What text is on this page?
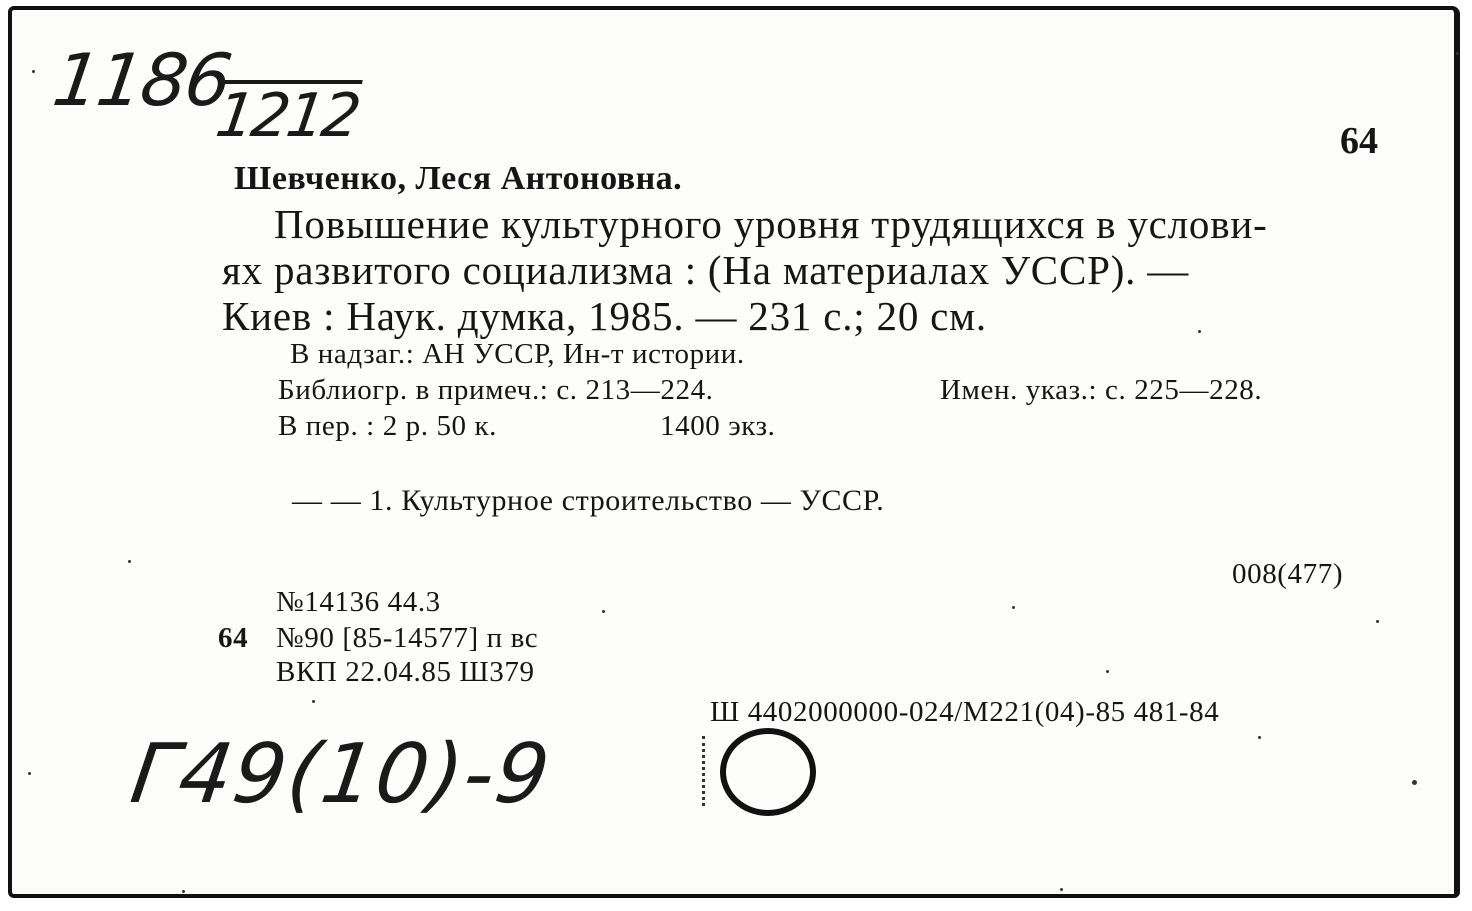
1186
1212	64
Шевченко, Леся Антоновна.
Повышение культурного уровня трудящихся в услови-
ях развитого социализма : (На материалах УССР). —
Киев : Наук. думка, 1985. — 231 с.; 20 см.
В надзаг.: АН УССР, Ин-т истории.
Библиогр. в примеч.: с. 213—224.	Имен. указ.: с. 225—228.
В пер. : 2 р. 50 к.	1400 экз.
— — 1. Культурное строительство — УССР.
008(477)
№14136 44.3
64 №90 [85-14577] п вс
ВКП 22.04.85 Ш379
Ш 4402000000-024/М221(04)-85 481-84
Г49(10)-9
